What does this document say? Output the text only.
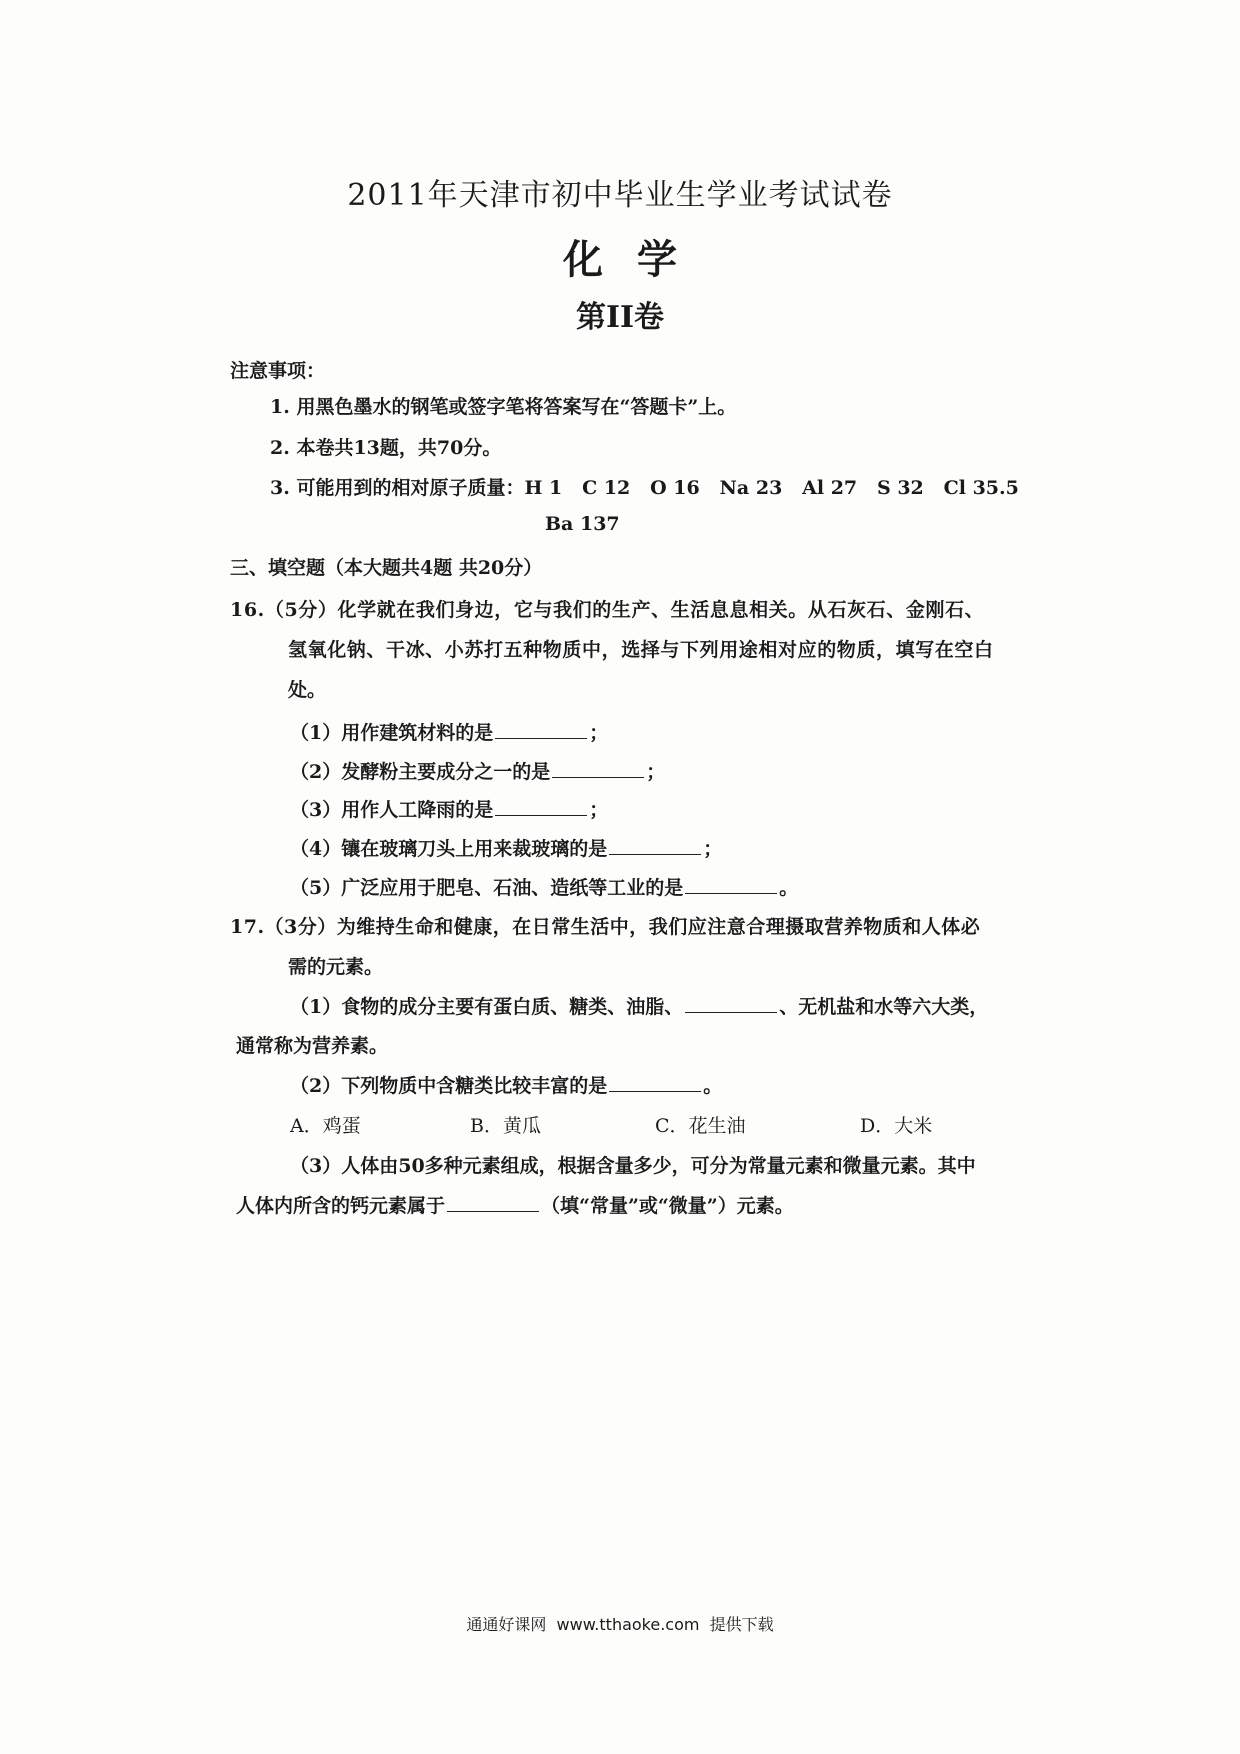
2011年天津市初中毕业生学业考试试卷
化学
第II卷
注意事项：
1. 用黑色墨水的钢笔或签字笔将答案写在“答题卡”上。
2. 本卷共13题，共70分。
3. 可能用到的相对原子质量：H 1   C 12   O 16   Na 23   Al 27   S 32   Cl 35.5
Ba 137
三、填空题（本大题共4题 共20分）
16.（5分）化学就在我们身边，它与我们的生产、生活息息相关。从石灰石、金刚石、
氢氧化钠、干冰、小苏打五种物质中，选择与下列用途相对应的物质，填写在空白
处。
（1）用作建筑材料的是	；
（2）发酵粉主要成分之一的是	；
（3）用作人工降雨的是	；
（4）镶在玻璃刀头上用来裁玻璃的是	；
（5）广泛应用于肥皂、石油、造纸等工业的是	。
17.（3分）为维持生命和健康，在日常生活中，我们应注意合理摄取营养物质和人体必
需的元素。
（1）食物的成分主要有蛋白质、糖类、油脂、	、无机盐和水等六大类，
通常称为营养素。
（2）下列物质中含糖类比较丰富的是	。
A．鸡蛋	B．黄瓜	C．花生油	D．大米
（3）人体由50多种元素组成，根据含量多少，可分为常量元素和微量元素。其中
人体内所含的钙元素属于	（填“常量”或“微量”）元素。
通通好课网  www.tthaoke.com  提供下载
